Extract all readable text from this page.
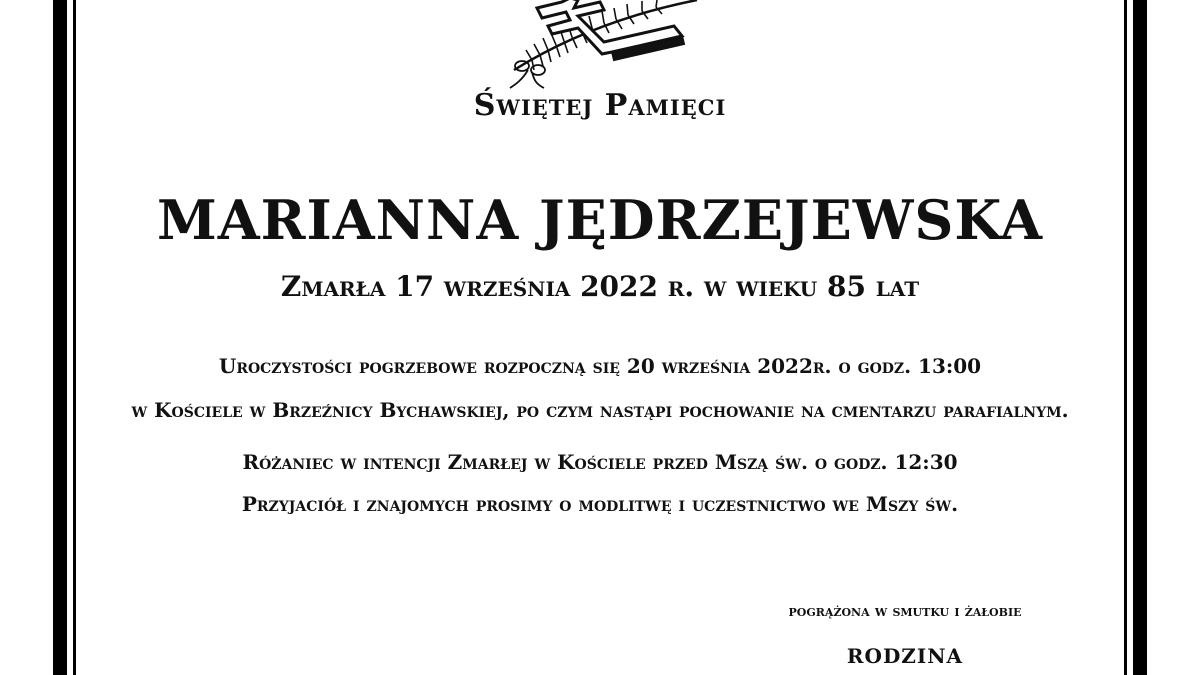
Świętej Pamięci
MARIANNA JĘDRZEJEWSKA
Zmarła 17 września 2022 r. w wieku 85 lat
Uroczystości pogrzebowe rozpoczną się 20 września 2022r. o godz. 13:00
w Kościele w Brzeźnicy Bychawskiej, po czym nastąpi pochowanie na cmentarzu parafialnym.
Różaniec w intencji Zmarłej w Kościele przed Mszą św. o godz. 12:30
Przyjaciół i znajomych prosimy o modlitwę i uczestnictwo we Mszy św.
pogrążona w smutku i żałobie
RODZINA
